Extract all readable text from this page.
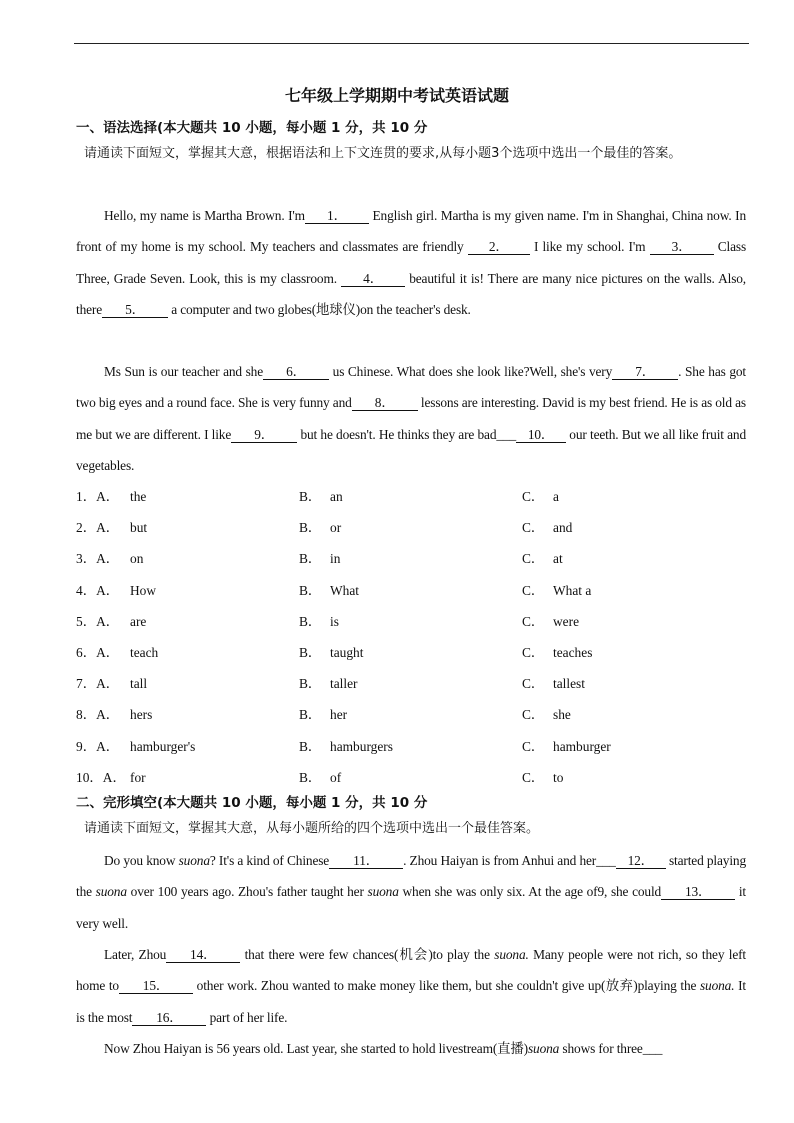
七年级上学期期中考试英语试题
一、语法选择(本大题共 10 小题，每小题 1 分，共 10 分
请通读下面短文，掌握其大意，根据语法和上下文连贯的要求,从每小题3个选项中选出一个最佳的答案。
Hello, my name is Martha Brown. I'm 1． English girl. Martha is my given name. I'm in Shanghai, China now. In front of my home is my school. My teachers and classmates are friendly 2． I like my school. I'm 3． Class Three, Grade Seven. Look, this is my classroom. 4． beautiful it is! There are many nice pictures on the walls. Also, there 5． a computer and two globes(地球仪)on the teacher's desk.
Ms Sun is our teacher and she 6． us Chinese. What does she look like?Well, she's very 7． . She has got two big eyes and a round face. She is very funny and 8． lessons are interesting. David is my best friend. He is as old as me but we are different. I like 9． but he doesn't. He thinks they are bad___ 10． our teeth. But we all like fruit and vegetables.
1．A． the	B． an	C． a
2．A． but	B． or	C． and
3．A． on	B． in	C． at
4．A． How	B． What	C． What a
5．A． are	B． is	C． were
6．A． teach	B． taught	C． teaches
7．A． tall	B． taller	C． tallest
8．A． hers	B． her	C． she
9．A． hamburger's	B． hamburgers	C． hamburger
10．A． for	B． of	C． to
二、完形填空(本大题共 10 小题，每小题 1 分，共 10 分
请通读下面短文，掌握其大意，从每小题所给的四个选项中选出一个最佳答案。
Do you know suona? It's a kind of Chinese 11． . Zhou Haiyan is from Anhui and her___ 12． started playing the suona over 100 years ago. Zhou's father taught her suona when she was only six. At the age of9, she could 13． it very well.
Later, Zhou 14． that there were few chances(机会)to play the suona. Many people were not rich, so they left home to 15． other work. Zhou wanted to make money like them, but she couldn't give up(放弃)playing the suona. It is the most 16． part of her life.
Now Zhou Haiyan is 56 years old. Last year, she started to hold livestream(直播)suona shows for three___
